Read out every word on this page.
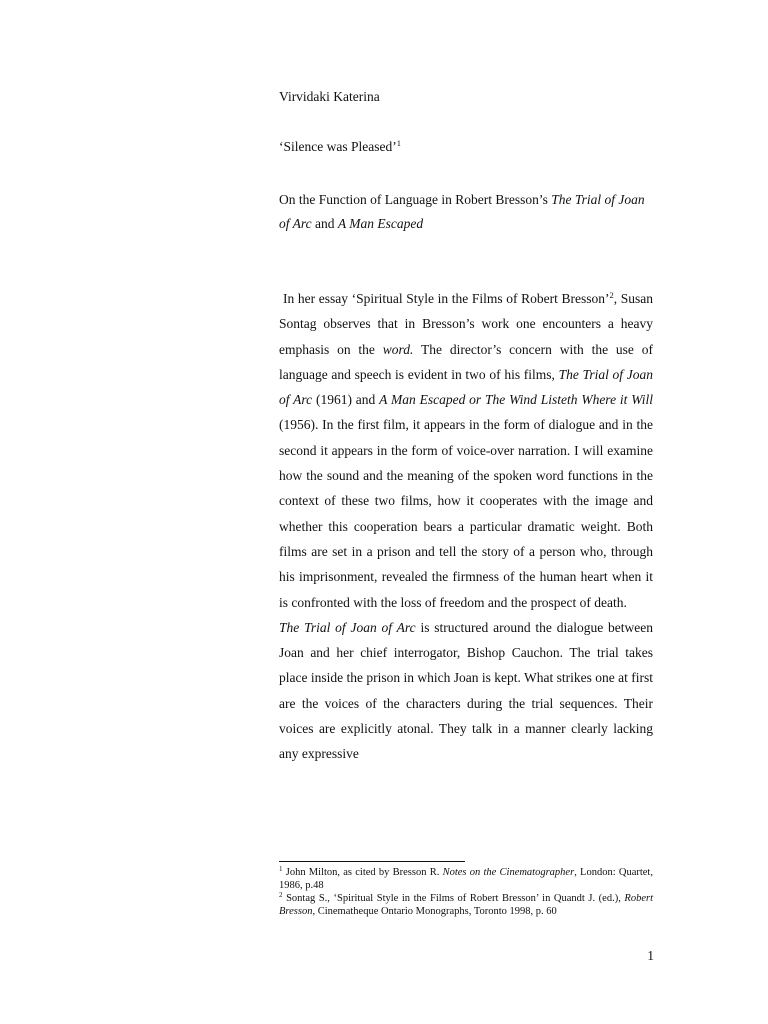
Virvidaki Katerina

‘Silence was Pleased’$^1$

On the Function of Language in Robert Bresson’s The Trial of Joan of Arc and A Man Escaped

In her essay ‘Spiritual Style in the Films of Robert Bresson’$^2$, Susan Sontag observes that in Bresson’s work one encounters a heavy emphasis on the word. The director’s concern with the use of language and speech is evident in two of his films, The Trial of Joan of Arc (1961) and A Man Escaped or The Wind Listeth Where it Will (1956). In the first film, it appears in the form of dialogue and in the second it appears in the form of voice-over narration. I will examine how the sound and the meaning of the spoken word functions in the context of these two films, how it cooperates with the image and whether this cooperation bears a particular dramatic weight. Both films are set in a prison and tell the story of a person who, through his imprisonment, revealed the firmness of the human heart when it is confronted with the loss of freedom and the prospect of death.

The Trial of Joan of Arc is structured around the dialogue between Joan and her chief interrogator, Bishop Cauchon. The trial takes place inside the prison in which Joan is kept. What strikes one at first are the voices of the characters during the trial sequences. Their voices are explicitly atonal. They talk in a manner clearly lacking any expressive

$^1$ John Milton, as cited by Bresson R. Notes on the Cinematographer, London: Quartet, 1986, p.48

$^2$ Sontag S., ‘Spiritual Style in the Films of Robert Bresson’ in Quandt J. (ed.), Robert Bresson, Cinematheque Ontario Monographs, Toronto 1998, p. 60

1
